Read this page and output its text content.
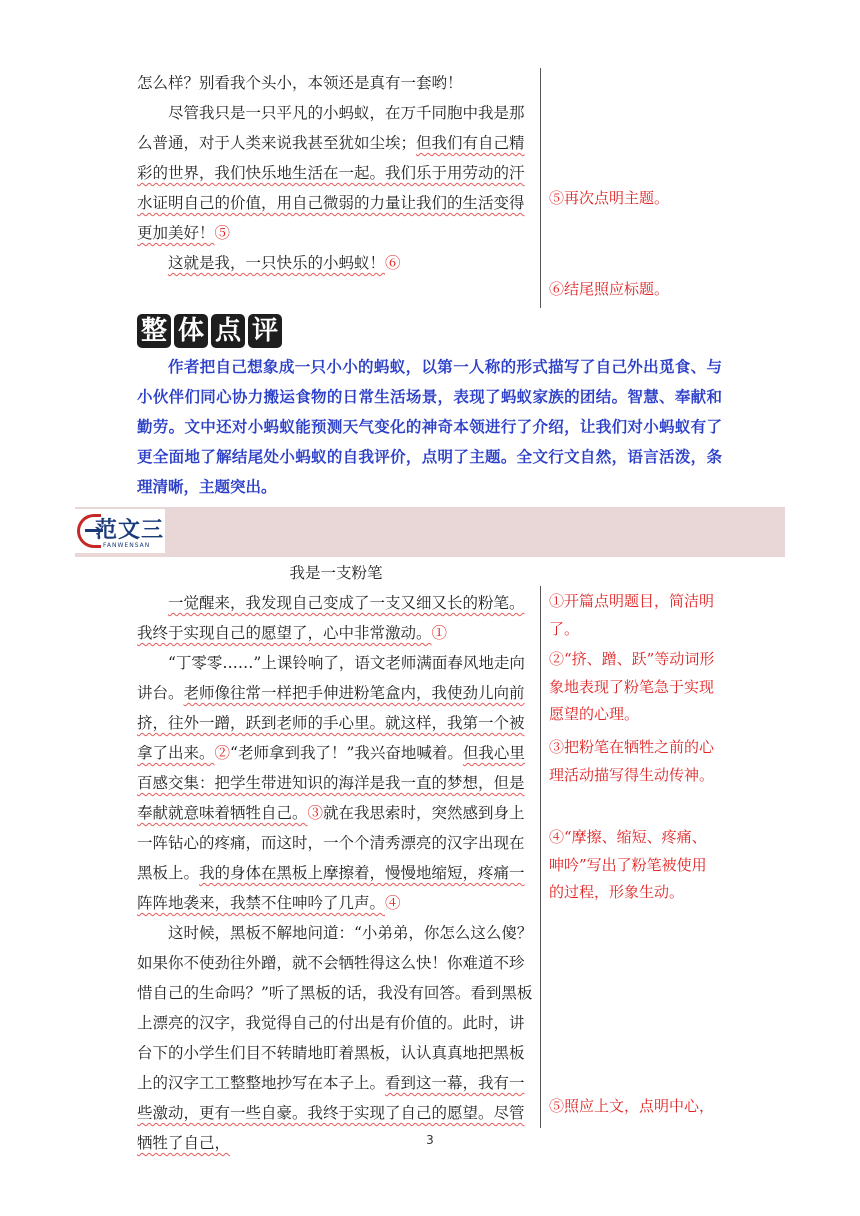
怎么样？别看我个头小，本领还是真有一套哟！

尽管我只是一只平凡的小蚂蚁，在万千同胞中我是那么普通，对于人类来说我甚至犹如尘埃；但我们有自己精彩的世界，我们快乐地生活在一起。我们乐于用劳动的汗水证明自己的价值，用自己微弱的力量让我们的生活变得更加美好！⑤

这就是我，一只快乐的小蚂蚁！⑥

⑤再次点明主题。

⑥结尾照应标题。

整 体 点 评

作者把自己想象成一只小小的蚂蚁，以第一人称的形式描写了自己外出觅食、与小伙伴们同心协力搬运食物的日常生活场景，表现了蚂蚁家族的团结。智慧、奉献和勤劳。文中还对小蚂蚁能预测天气变化的神奇本领进行了介绍，让我们对小蚂蚁有了更全面地了解结尾处小蚂蚁的自我评价，点明了主题。全文行文自然，语言活泼，条理清晰，主题突出。

范文三
FANWENSAN
我是一支粉笔

一觉醒来，我发现自己变成了一支又细又长的粉笔。我终于实现自己的愿望了，心中非常激动。①

“丁零零……”上课铃响了，语文老师满面春风地走向讲台。老师像往常一样把手伸进粉笔盒内，我使劲儿向前挤，往外一蹭，跃到老师的手心里。就这样，我第一个被拿了出来。②“老师拿到我了！”我兴奋地喊着。但我心里百感交集：把学生带进知识的海洋是我一直的梦想，但是奉献就意味着牺牲自己。③就在我思索时，突然感到身上一阵钻心的疼痛，而这时，一个个清秀漂亮的汉字出现在黑板上。我的身体在黑板上摩擦着，慢慢地缩短，疼痛一阵阵地袭来，我禁不住呻吟了几声。④

这时候，黑板不解地问道：“小弟弟，你怎么这么傻？如果你不使劲往外蹭，就不会牺牲得这么快！你难道不珍惜自己的生命吗？”听了黑板的话，我没有回答。看到黑板上漂亮的汉字，我觉得自己的付出是有价值的。此时，讲台下的小学生们目不转睛地盯着黑板，认认真真地把黑板上的汉字工工整整地抄写在本子上。看到这一幕，我有一些激动，更有一些自豪。我终于实现了自己的愿望。尽管牺牲了自己，

①开篇点明题目，简洁明了。

②“挤、蹭、跃”等动词形象地表现了粉笔急于实现愿望的心理。

③把粉笔在牺牲之前的心理活动描写得生动传神。

④“摩擦、缩短、疼痛、呻吟”写出了粉笔被使用的过程，形象生动。

⑤照应上文，点明中心，

3
